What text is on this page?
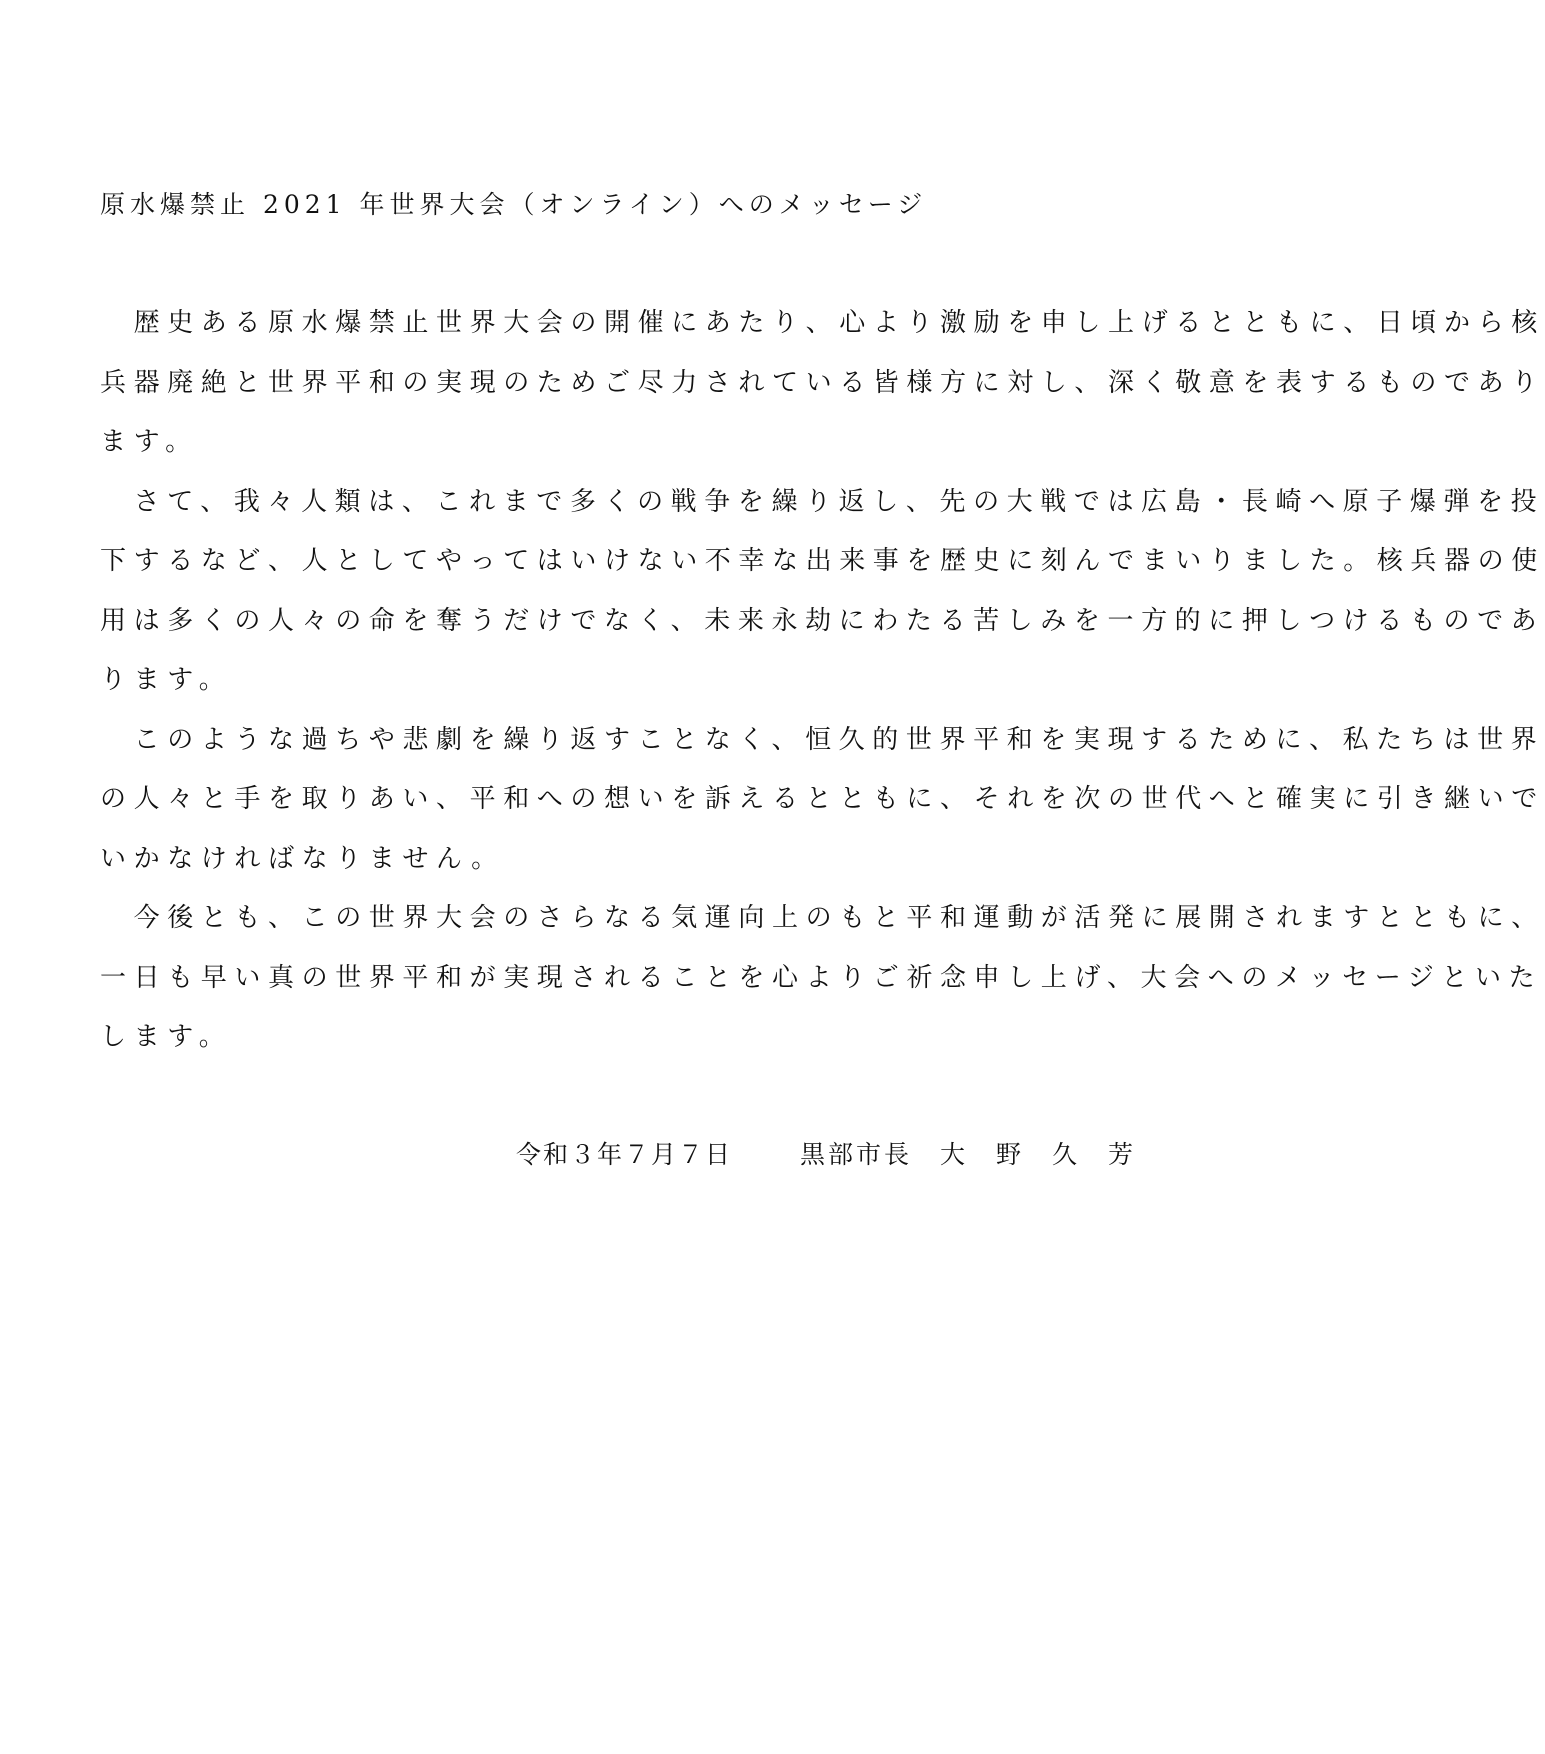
原水爆禁止 2021 年世界大会（オンライン）へのメッセージ
　歴史ある原水爆禁止世界大会の開催にあたり、心より激励を申し上げるとともに、日頃から核
兵器廃絶と世界平和の実現のためご尽力されている皆様方に対し、深く敬意を表するものであり
ます。
　さて、我々人類は、これまで多くの戦争を繰り返し、先の大戦では広島・長崎へ原子爆弾を投
下するなど、人としてやってはいけない不幸な出来事を歴史に刻んでまいりました。核兵器の使
用は多くの人々の命を奪うだけでなく、未来永劫にわたる苦しみを一方的に押しつけるものであ
ります。
　このような過ちや悲劇を繰り返すことなく、恒久的世界平和を実現するために、私たちは世界
の人々と手を取りあい、平和への想いを訴えるとともに、それを次の世代へと確実に引き継いで
いかなければなりません。
　今後とも、この世界大会のさらなる気運向上のもと平和運動が活発に展開されますとともに、
一日も早い真の世界平和が実現されることを心よりご祈念申し上げ、大会へのメッセージといた
します。
令和３年７月７日	黒部市長　大　野　久　芳
